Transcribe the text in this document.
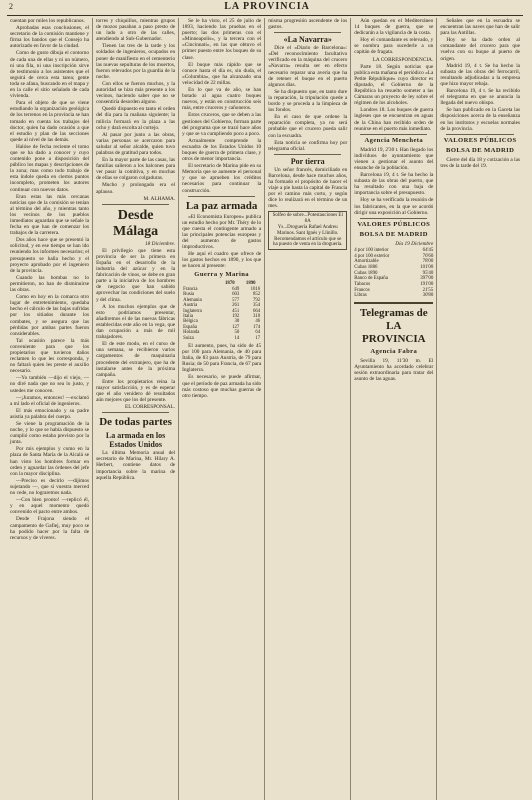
2	LA PROVINCIA

cuentan por miles los republicanos.

Aprobadas esas conclusiones, el secretario de la comisión mantiene y firma los bandos que el Consejo ha autorizado en favor de la ciudad.

Como de gusto dibuja el contorno de cada una de ellas y ni un número, ni una fila, ni una inscripción sirve de testimonio a los asistentes que el seguirá de cerca esta tarea; gente toda se afana, buscando en el mapa y en la calle el sitio señalado de cada vivienda.

Para el objeto de que se viene estudiando la organización geológica de los terrenos en la provincia se han tomado en cuenta los trabajos del doctor, quien ha dado ocasión a que el estudio y plan de las secciones quede al nivel de las demás.

Halóse de fecha reciente el tomo que se ha dado a conocer y cuyo contenido pone a disposición del público los mapas y descripciones de la zona; mas como todo trabajo de esta índole queda en ciertos puntos incompleto, prometen los autores continuar con nuevos datos.

Eran estas las más cercanas noticias que de la comisión se tenían al término del año, y mientras tanto los vecinos de los pueblos inmediatos aguardan que se señale la fecha en que han de comenzar los trabajos de la carretera.

Dos años hace que se presentó la solicitud, y en ese tiempo se han ido reuniendo los informes necesarios; el presupuesto se halla hecho y el proyecto aprobado por el ingeniero de la provincia.

Cuando las bombas no lo permitieron, no han de disminuirse las obras.

Como en hoy en la comarca otro lugar de entretenimiento, quedaba hecho el cálculo de las bajas sufridas por los sitiados durante los combates, y se asegura que las pérdidas por ambas partes fueron considerables.

Tal ocasión parece la más conveniente para que los propietarios que tuvieron daños reclamen lo que les corresponda, y no faltará quien les preste el auxilio necesario.

—Yo también —dijo el viejo, —no diré nada que no sea lo justo, y ustedes me conocen.

—¡Juramos, entonces! —exclamó a mí lado el oficial de ingenieros.

El más emocionado y su padre asistía ya palabra del cuerpo.

Se viene la programación de la noche, y lo que se había dispuesto se cumplió como estaba previsto por la junta.

Por mis ejemplos y como en la plaza de Santa María de la Alcalá se han visto los hombres formar en orden y aguardar las órdenes del jefe con la mayor disciplina.

—Preciso es decirlo —dijimos sujetando —, que si vuestra merced no cede, no lograremos nada.

—Con bien pronto! —replicó él, y en aquel momento quedó convenido el pacto entre ambos.

Desde Frajona siendo el campamento de Gafiej, muy poco se ha podido hacer por la falta de recursos y de víveres.

torres y chiquillos, mientras grupos de mozos pasaban a paso presto de un lado a otro de las calles, atendiendo al Sub-Gobernador.

Tienen las tres de la tarde y los soldados de ingenieros, ocupados en poner de manifiesto en el cementerio las nuevas sepulturas de los muertos, fueron relevados por la guardia de la noche.

Con ellos se fueron muchos, y la autoridad se hizo más presente a los vecinos, haciendo saber que no se consentiría desorden alguno.

Quedó dispuesto en tanto el orden del día para la mañana siguiente; la milicia formará en la plaza a las ocho y dará escolta al cortejo.

Al pasar por junto a las obras, varias personas se acercaron para saludar al señor alcalde, quien tuvo palabras de gratitud para todos.

En la mayor parte de las casas, las familias salieron a los balcones para ver pasar la comitiva, y en muchas de ellas se colgaron colgaduras.

Mucho y prolongado era el aplauso.

M. ALHAMA.
Desde Málaga
18 Diciembre.

El privilegio que tiene esta provincia de ser la primera en España en el desarrollo de la industria del azúcar y en la fabricación de vinos, se debe en gran parte a la iniciativa de los hombres de negocio que han sabido aprovechar las condiciones del suelo y del clima.

A los muchos ejemplos que de esto podríamos presentar, añadiremos el de las nuevas fábricas establecidas este año en la vega, que dan ocupación a más de mil trabajadores.

El de este modo, en el curso de una semana, se recibieron varios cargamentos de maquinaria procedente del extranjero, que ha de instalarse antes de la próxima campaña.

Entre los propietarios reina la mayor satisfacción, y es de esperar que el año venidero dé resultados aún mejores que los del presente.

EL CORRESPONSAL.
De todas partes
La armada en los Estados Unidos

La última Memoria anual del secretario de Marina, Mr. Hilary A. Herbert, contiene datos de importancia sobre la marina de aquella República.

Se le ha visto, el 25 de julio de 1893, haciendo las pruebas en el puerto; las dos primeras con el «Minneapolis», y la tercera con el «Cincinnati», en las que obtuvo el primer puesto entre los buques de su clase.

El buque más rápido que se conoce hasta el día es, sin duda, el «Columbia», que ha alcanzado una velocidad de 22 millas.

En lo que va de año, se han botado al agua cuatro buques nuevos, y están en construcción seis más, entre cruceros y cañoneros.

Estos cruceros, que se deben a las gestiones del Gobierno, forman parte del programa que se trazó hace años y que se va cumpliendo poco a poco.

Actualmente comprende la escuadra de los Estados Unidos 10 buques de guerra de primera clase, y otros de menor importancia.

El secretario de Marina pide en su Memoria que se aumente el personal y que se aprueben los créditos necesarios para continuar la construcción.

La paz armada

«El Economista Europeo» publica un estudio hecho por Mr. Théry de lo que cuesta el contingente armado a las principales potencias europeas y del aumento de gastos improductivos.

He aquí el cuadro que ofrece de los gastos hechos en 1890, y los que se hacen al presente:

Guerra y Marina
	1870	1890
Francia	649	1016
Rusia	603	852
Alemania	577	792
Austria	261	354
Inglaterra	451	664
Italia	192	310
Bélgica	30	46
España	127	174
Holanda	50	64
Suiza	14	17

El aumento, pues, ha sido de 45 por 100 para Alemania, de 40 para Italia, de 83 para Austria, de 79 para Rusia; de 50 para Francia, de 67 para Inglaterra.

Es necesario, se puede afirmar, que el período de paz armada ha sido más costoso que muchas guerras de otro tiempo.

misma progresión ascendente de los gastos.

«La Navarra»

Dice el «Diario de Barcelona»: «Del reconocimiento facultativo verificado en la máquina del crucero «Navarra» resulta ser en efecto necesario reparar una avería que ha de retener el buque en el puerto algunos días.

Se ha dispuesto que, en tanto dure la reparación, la tripulación quede a bordo y se proceda a la limpieza de los fondos.

En el caso de que ordene la reparación completa, ya no será probable que el crucero pueda salir con la escuadra.

Esta noticia se confirma hoy por telegrama oficial.

Por tierra

Un señor francés, domiciliado en Barcelona, desde hace muchos años, ha formado el propósito de hacer el viaje a pie hasta la capital de Francia por el camino más corto, y según dice lo realizará en el término de un mes.

Solfeo de sobre...Potestauciones El 8A
Ys...Droguería Rafael Andreu Marinos. Sant Ignés y Llinillo.
Recomendamos el artículo que se ha puesto de venta en la droguería.

Aún quedan en el Mediterráneo 14 buques de guerra, que se dedicarán a la vigilancia de la costa.

Hoy el comandante es relevado, y se nombra para sucederle a un capitán de fragata.

LA CORRESPONDENCIA.

Parte 18. Según noticias que publica esta mañana el periódico «La Petite République» cuyo director es diputado, el Gobierno de la República ha resuelto someter a las Cámaras un proyecto de ley sobre el régimen de los alcoholes.

Londres 18. Los buques de guerra ingleses que se encuentran en aguas de la China han recibido orden de reunirse en el puerto más inmediato.

Agencia Mencheta

Madrid 19, 2'30 t. Han llegado los individuos de ayuntamiento que vienen a gestionar el asunto del ensanche de la población.

Barcelona 19, 4 t. Se ha hecho la subasta de las obras del puerto, que ha resultado con una baja de importancia sobre el presupuesto.

Hoy se ha verificado la reunión de los fabricantes, en la que se acordó dirigir una exposición al Gobierno.

VALORES PÚBLICOS
BOLSA DE MADRID
Día 19 Diciembre
4 por 100 interior	64'45
4 por 100 exterior	76'60
Amortizable	78'00
Cubas 1886	101'00
Cubas 1890	95'40
Banco de España	397'00
Tabacos	191'00
Francos	21'55
Libras	30'80
Telegramas de LA PROVINCIA
Agencia Fabra

Sevilla 19, 11'30 m. El Ayuntamiento ha acordado celebrar sesión extraordinaria para tratar del asunto de las aguas.

Señales que en la escuadra se encuentran las naves que han de salir para las Antillas.

Hoy se ha dado orden al comandante del crucero para que vuelva con su buque al puerto de origen.

Madrid 19, 4 t. Se ha hecho la subasta de las obras del ferrocarril, resultando adjudicadas a la empresa que hizo mayor rebaja.

Barcelona 19, 4 t. Se ha recibido el telegrama en que se anuncia la llegada del nuevo obispo.

Se han publicado en la Gaceta las disposiciones acerca de la enseñanza en los institutos y escuelas normales de la provincia.

VALORES PÚBLICOS
BOLSA DE MADRID

Cierre del día 18 y cotización a las tres de la tarde del 19.
